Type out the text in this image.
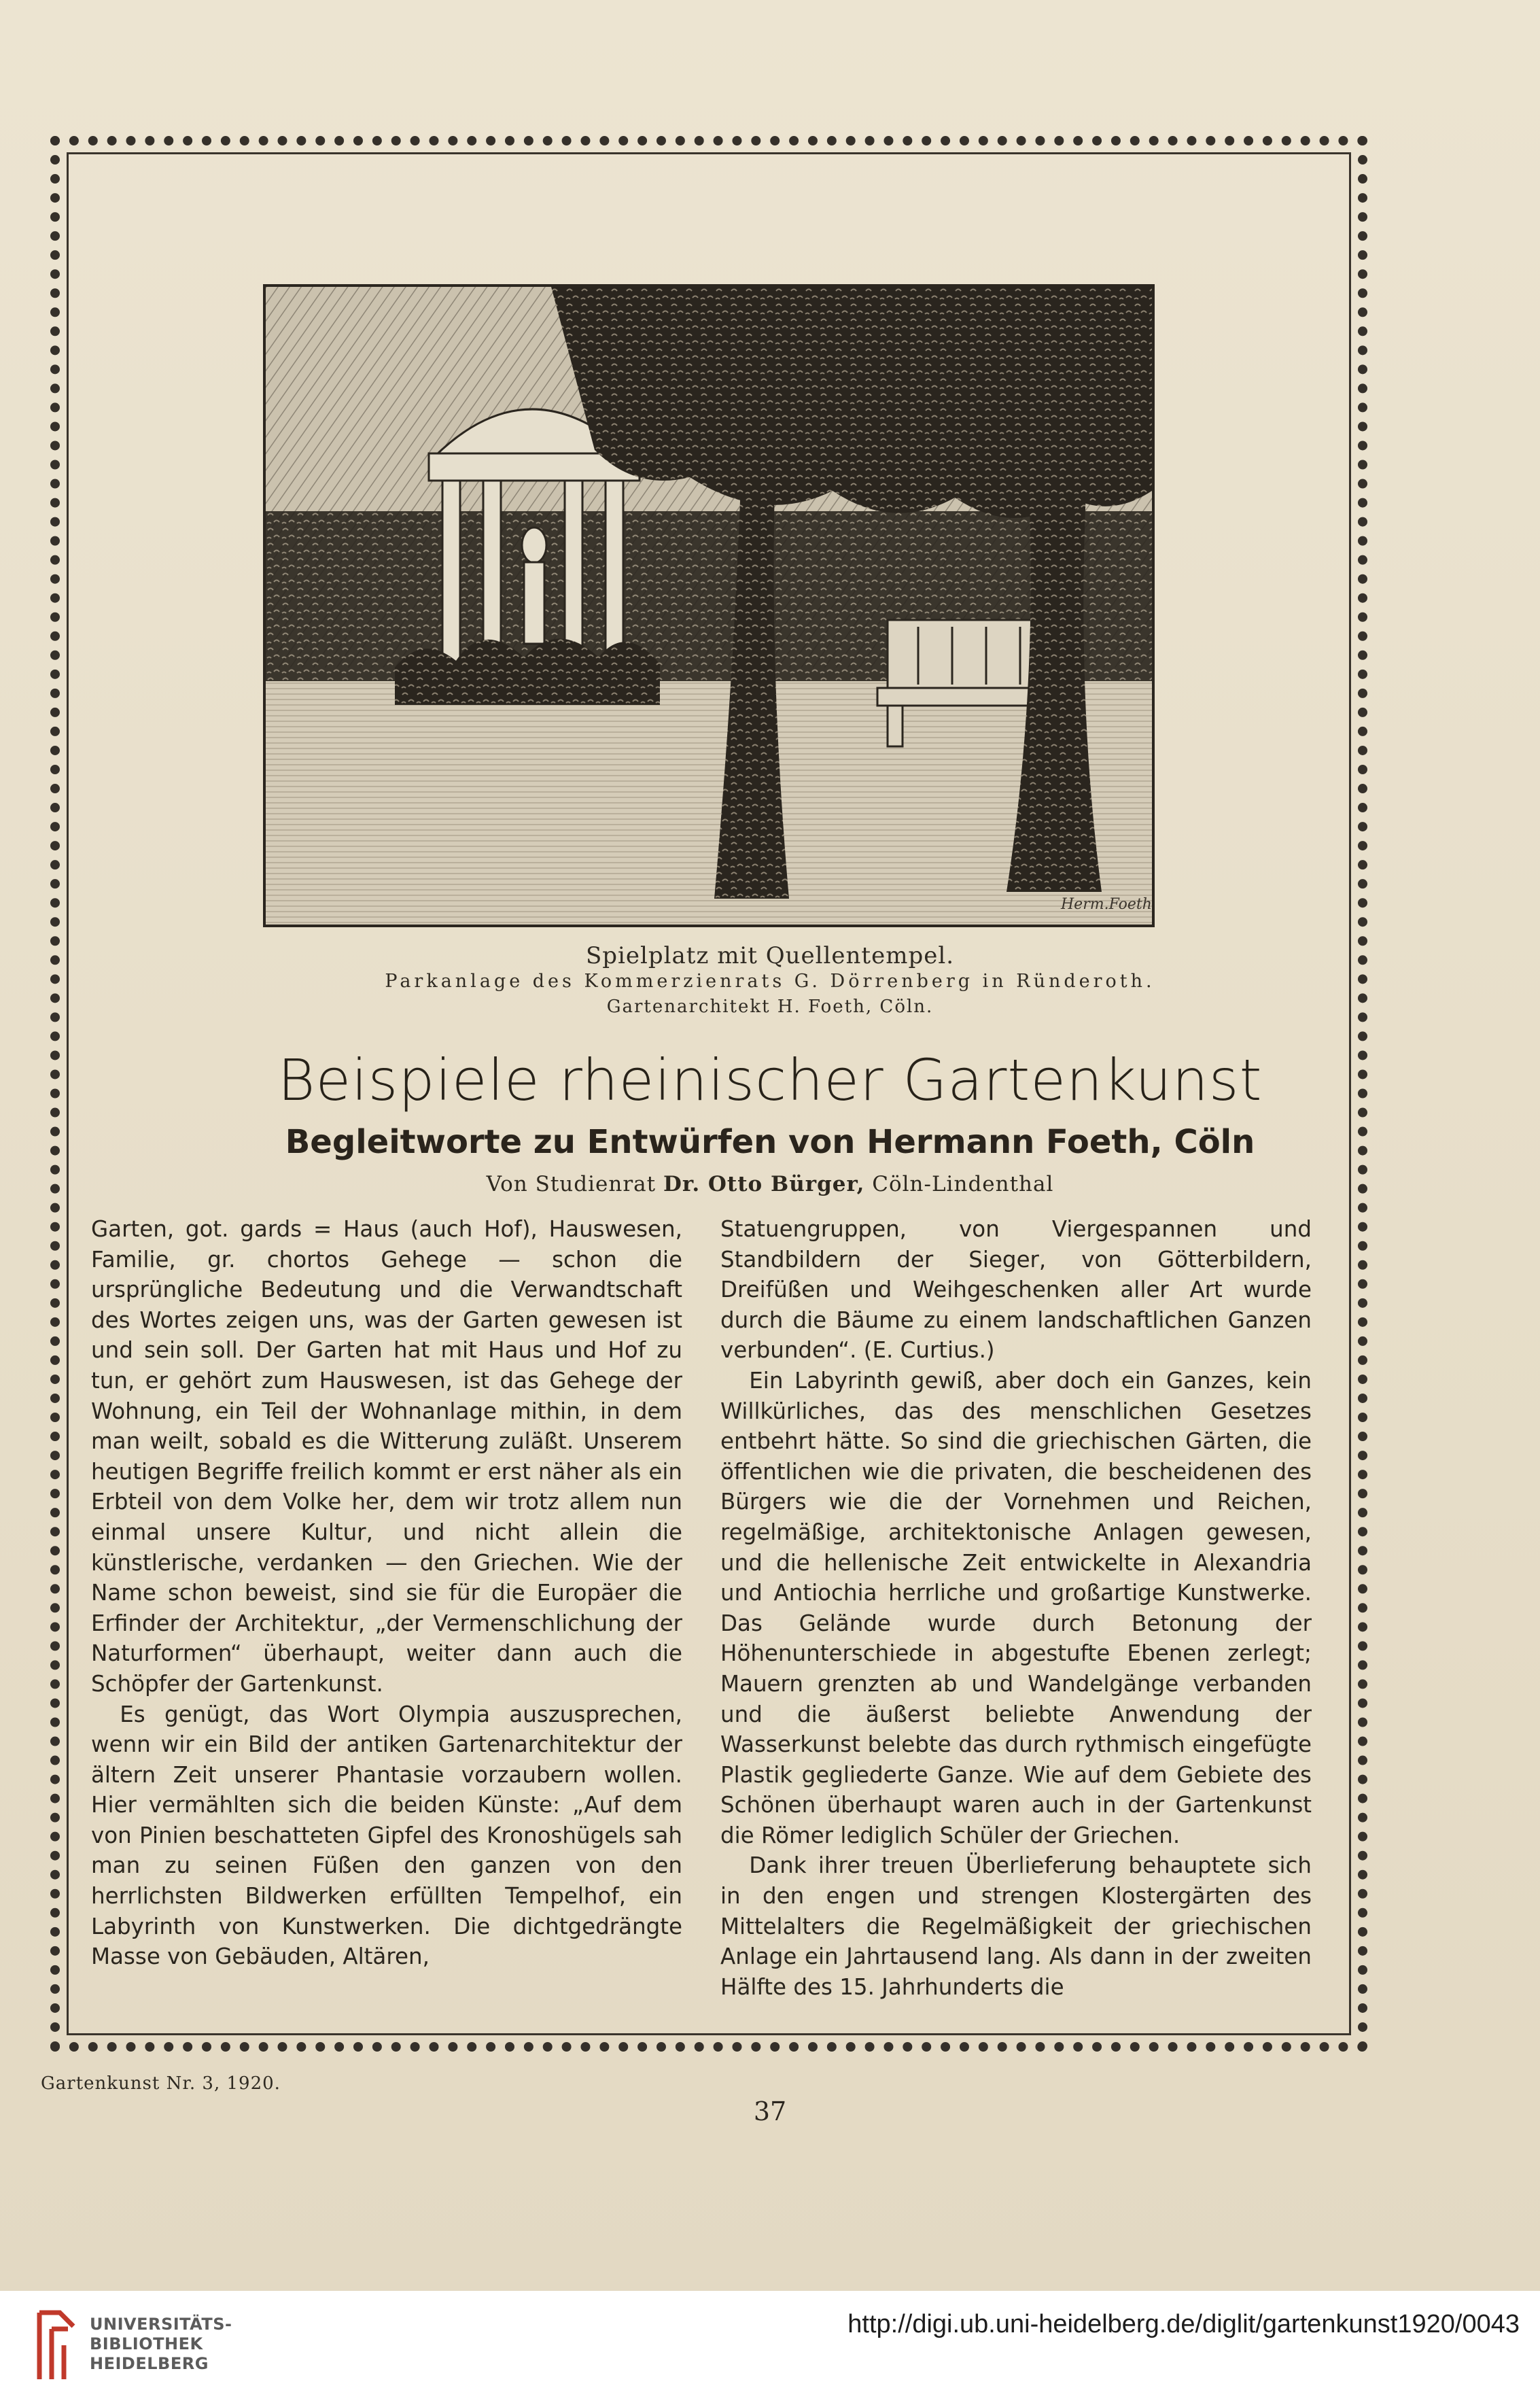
Herm.Foeth
Spielplatz mit Quellentempel.
Parkanlage des Kommerzienrats G. Dörrenberg in Ründeroth.
Gartenarchitekt H. Foeth, Cöln.
Beispiele rheinischer Gartenkunst
Begleitworte zu Entwürfen von Hermann Foeth, Cöln
Von Studienrat Dr. Otto Bürger, Cöln-Lindenthal

Garten, got. gards = Haus (auch Hof), Hauswesen, Familie, gr. chortos Gehege — schon die ursprüngliche Bedeutung und die Verwandtschaft des Wortes zeigen uns, was der Garten gewesen ist und sein soll. Der Garten hat mit Haus und Hof zu tun, er gehört zum Hauswesen, ist das Gehege der Wohnung, ein Teil der Wohnanlage mithin, in dem man weilt, sobald es die Witterung zuläßt. Unserem heutigen Begriffe freilich kommt er erst näher als ein Erbteil von dem Volke her, dem wir trotz allem nun einmal unsere Kultur, und nicht allein die künstlerische, verdanken — den Griechen. Wie der Name schon beweist, sind sie für die Europäer die Erfinder der Architektur, „der Vermenschlichung der Naturformen“ überhaupt, weiter dann auch die Schöpfer der Gartenkunst.

Es genügt, das Wort Olympia auszusprechen, wenn wir ein Bild der antiken Gartenarchitektur der ältern Zeit unserer Phantasie vorzaubern wollen. Hier vermählten sich die beiden Künste: „Auf dem von Pinien beschatteten Gipfel des Kronoshügels sah man zu seinen Füßen den ganzen von den herrlichsten Bildwerken erfüllten Tempelhof, ein Labyrinth von Kunstwerken. Die dichtgedrängte Masse von Gebäuden, Altären,

Statuengruppen, von Viergespannen und Standbildern der Sieger, von Götterbildern, Dreifüßen und Weihgeschenken aller Art wurde durch die Bäume zu einem landschaftlichen Ganzen verbunden“. (E. Curtius.)

Ein Labyrinth gewiß, aber doch ein Ganzes, kein Willkürliches, das des menschlichen Gesetzes entbehrt hätte. So sind die griechischen Gärten, die öffentlichen wie die privaten, die bescheidenen des Bürgers wie die der Vornehmen und Reichen, regelmäßige, architektonische Anlagen gewesen, und die hellenische Zeit entwickelte in Alexandria und Antiochia herrliche und großartige Kunstwerke. Das Gelände wurde durch Betonung der Höhenunterschiede in abgestufte Ebenen zerlegt; Mauern grenzten ab und Wandelgänge verbanden und die äußerst beliebte Anwendung der Wasserkunst belebte das durch rythmisch eingefügte Plastik gegliederte Ganze. Wie auf dem Gebiete des Schönen überhaupt waren auch in der Gartenkunst die Römer lediglich Schüler der Griechen.

Dank ihrer treuen Überlieferung behauptete sich in den engen und strengen Klostergärten des Mittelalters die Regelmäßigkeit der griechischen Anlage ein Jahrtausend lang. Als dann in der zweiten Hälfte des 15. Jahrhunderts die

Gartenkunst Nr. 3, 1920.
37
UNIVERSITÄTS-
BIBLIOTHEK
HEIDELBERG
http://digi.ub.uni-heidelberg.de/diglit/gartenkunst1920/0043
